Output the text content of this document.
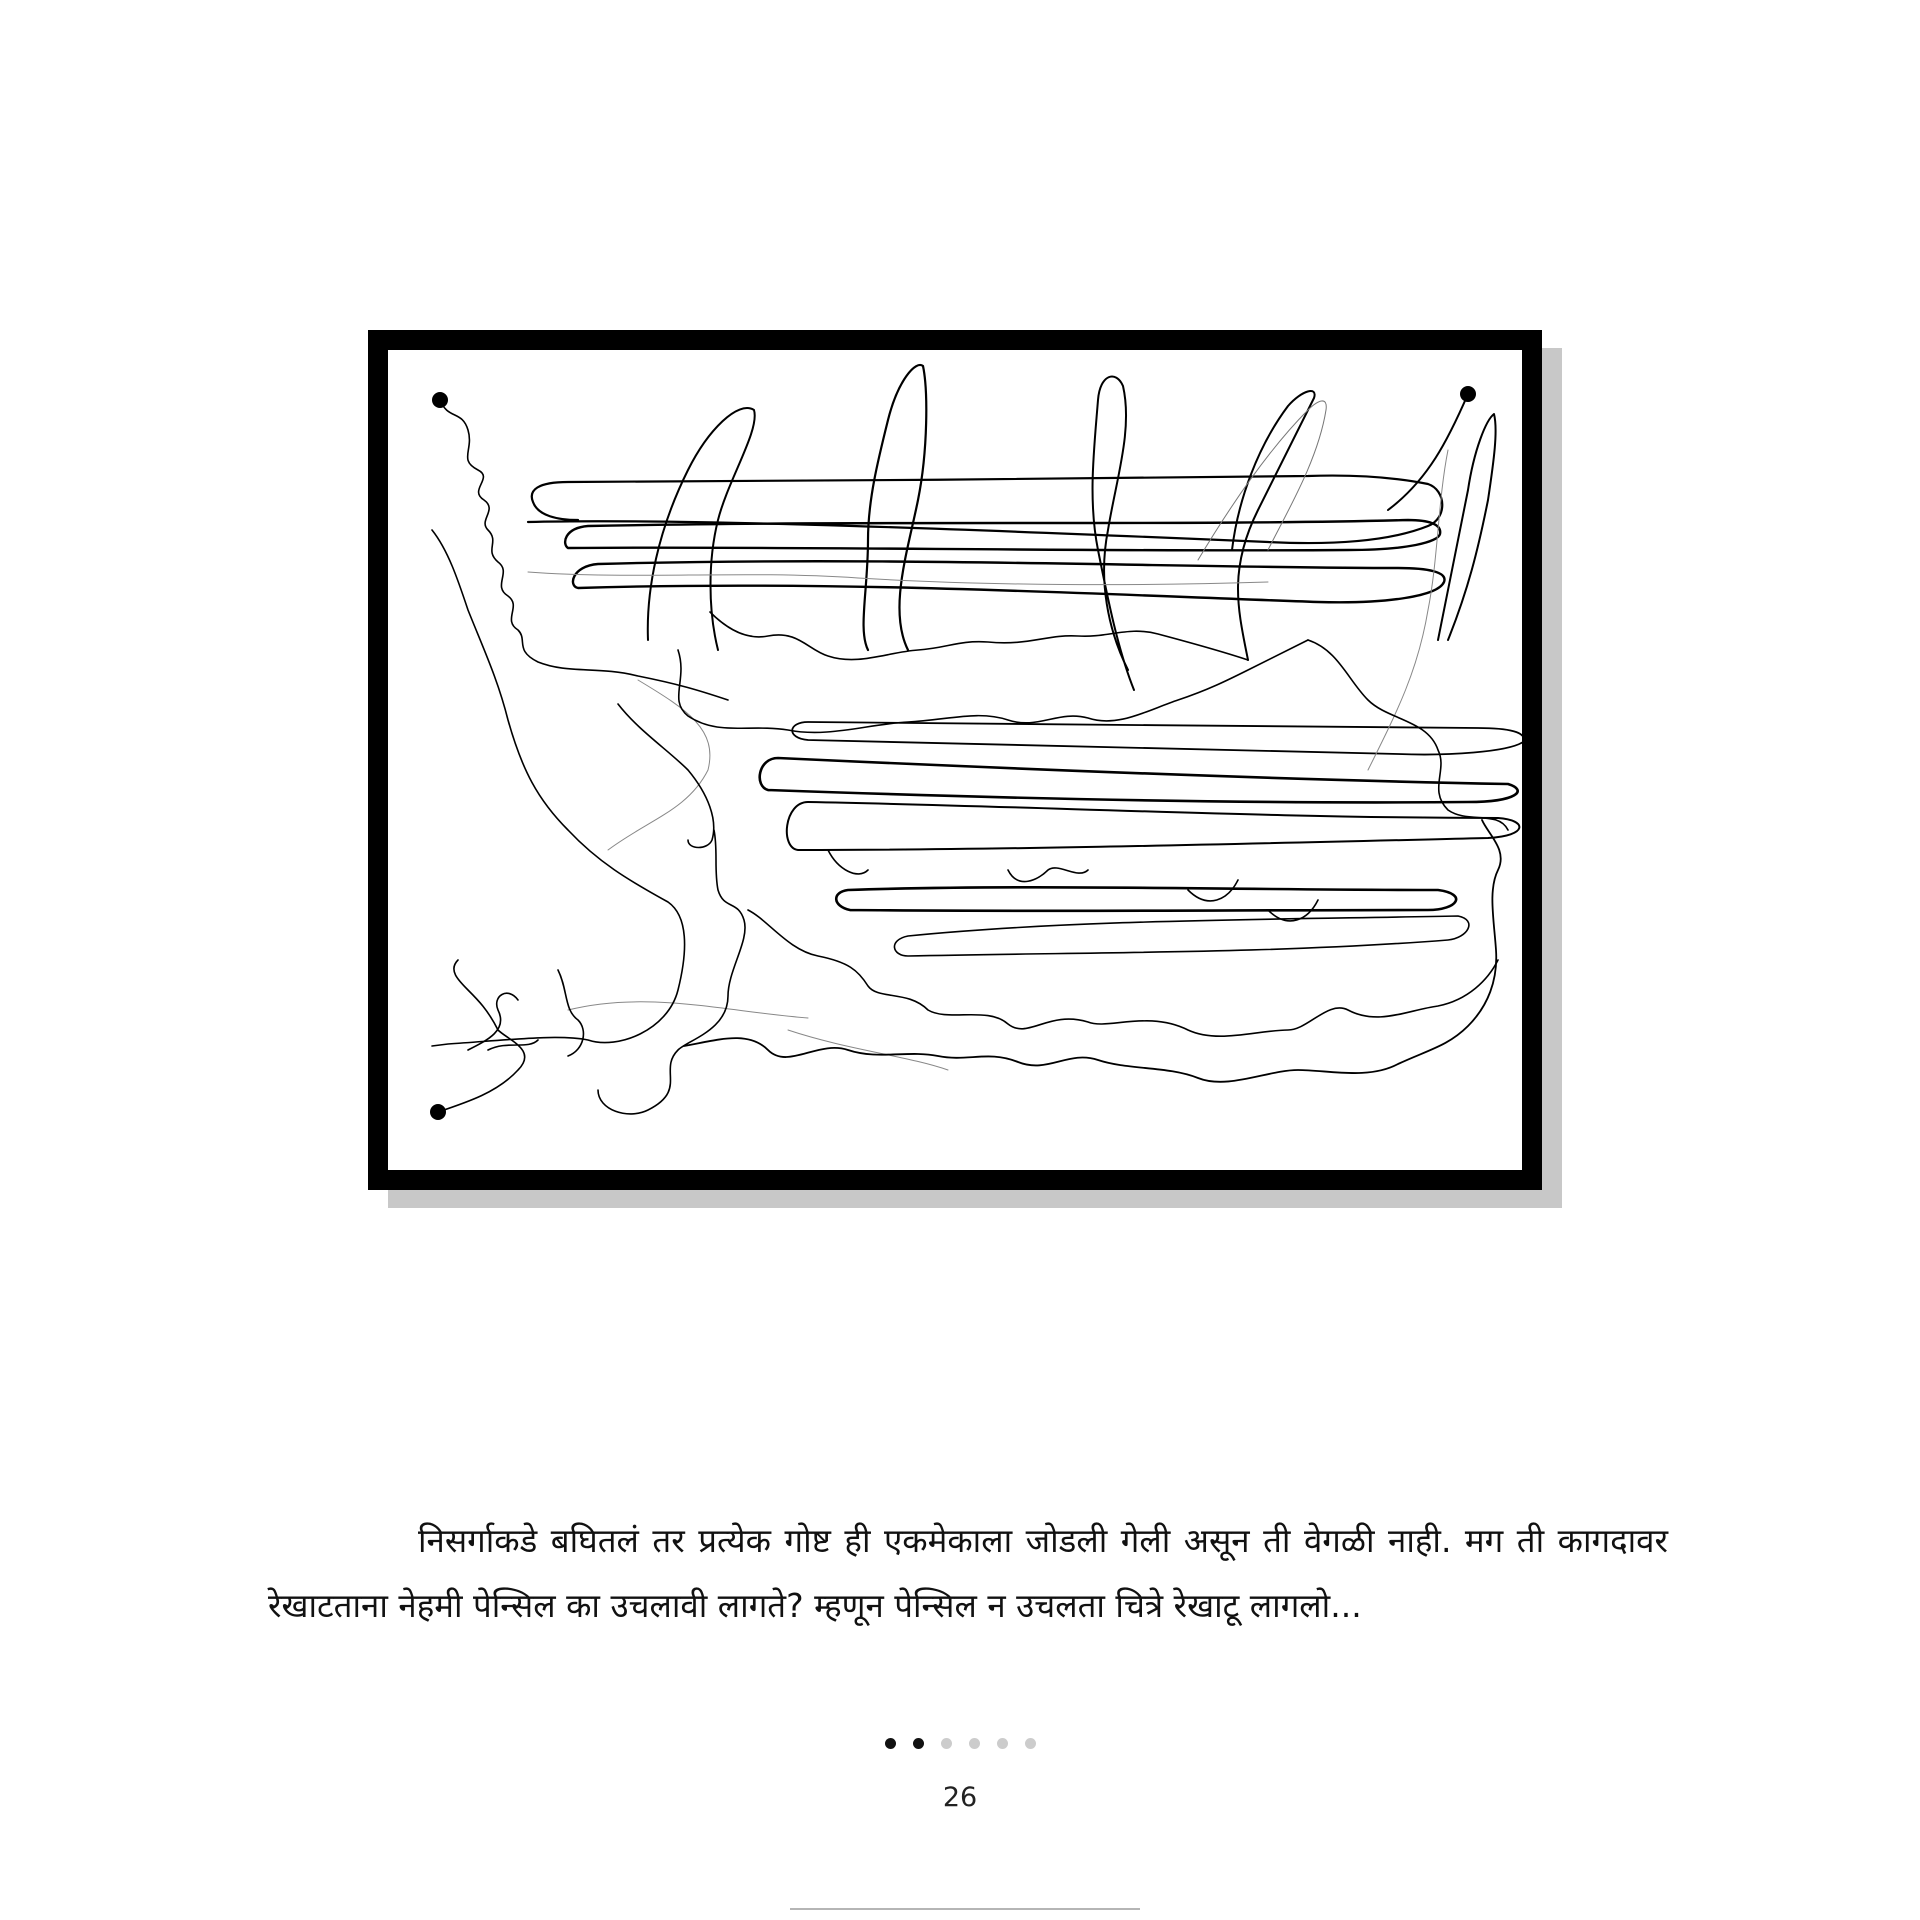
निसर्गाकडे बघितलं तर प्रत्येक गोष्ट ही एकमेकाला जोडली गेली असून ती वेगळी नाही. मग ती कागदावर रेखाटताना नेहमी पेन्सिल का उचलावी लागते? म्हणून पेन्सिल न उचलता चित्रे रेखाटू लागलो...

26
